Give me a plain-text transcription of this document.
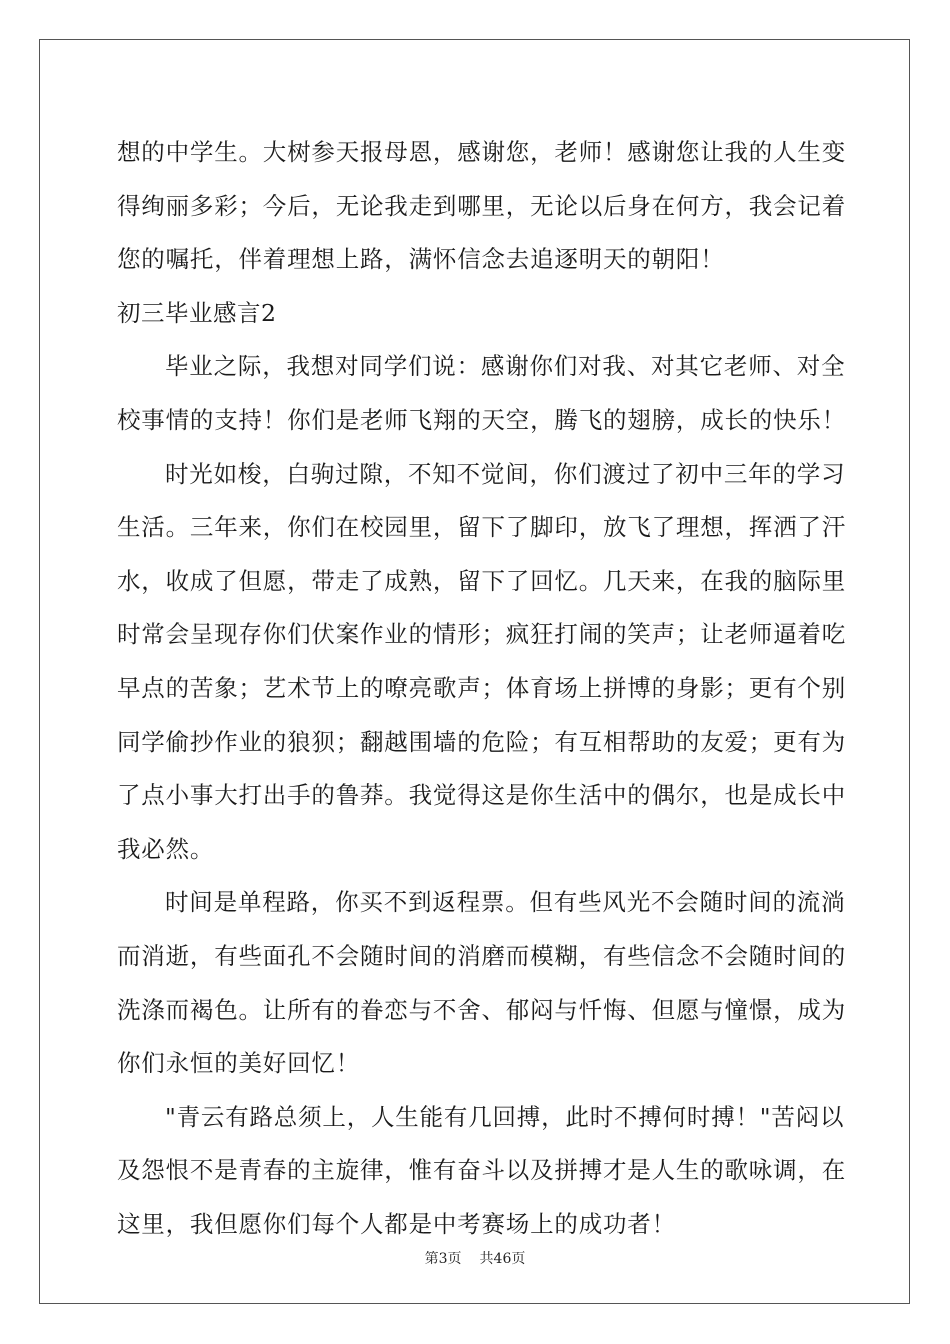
想的中学生。大树参天报母恩，感谢您，老师！感谢您让我的人生变
得绚丽多彩；今后，无论我走到哪里，无论以后身在何方，我会记着
您的嘱托，伴着理想上路，满怀信念去追逐明天的朝阳！
初三毕业感言2
毕业之际，我想对同学们说：感谢你们对我、对其它老师、对全
校事情的支持！你们是老师飞翔的天空，腾飞的翅膀，成长的快乐！
时光如梭，白驹过隙，不知不觉间，你们渡过了初中三年的学习
生活。三年来，你们在校园里，留下了脚印，放飞了理想，挥洒了汗
水，收成了但愿，带走了成熟，留下了回忆。几天来，在我的脑际里
时常会呈现存你们伏案作业的情形；疯狂打闹的笑声；让老师逼着吃
早点的苦象；艺术节上的嘹亮歌声；体育场上拼博的身影；更有个别
同学偷抄作业的狼狈；翻越围墙的危险；有互相帮助的友爱；更有为
了点小事大打出手的鲁莽。我觉得这是你生活中的偶尔，也是成长中
我必然。
时间是单程路，你买不到返程票。但有些风光不会随时间的流淌
而消逝，有些面孔不会随时间的消磨而模糊，有些信念不会随时间的
洗涤而褐色。让所有的眷恋与不舍、郁闷与忏悔、但愿与憧憬，成为
你们永恒的美好回忆！
"青云有路总须上，人生能有几回搏，此时不搏何时搏！"苦闷以
及怨恨不是青春的主旋律，惟有奋斗以及拼搏才是人生的歌咏调，在
这里，我但愿你们每个人都是中考赛场上的成功者！
第3页 共46页
